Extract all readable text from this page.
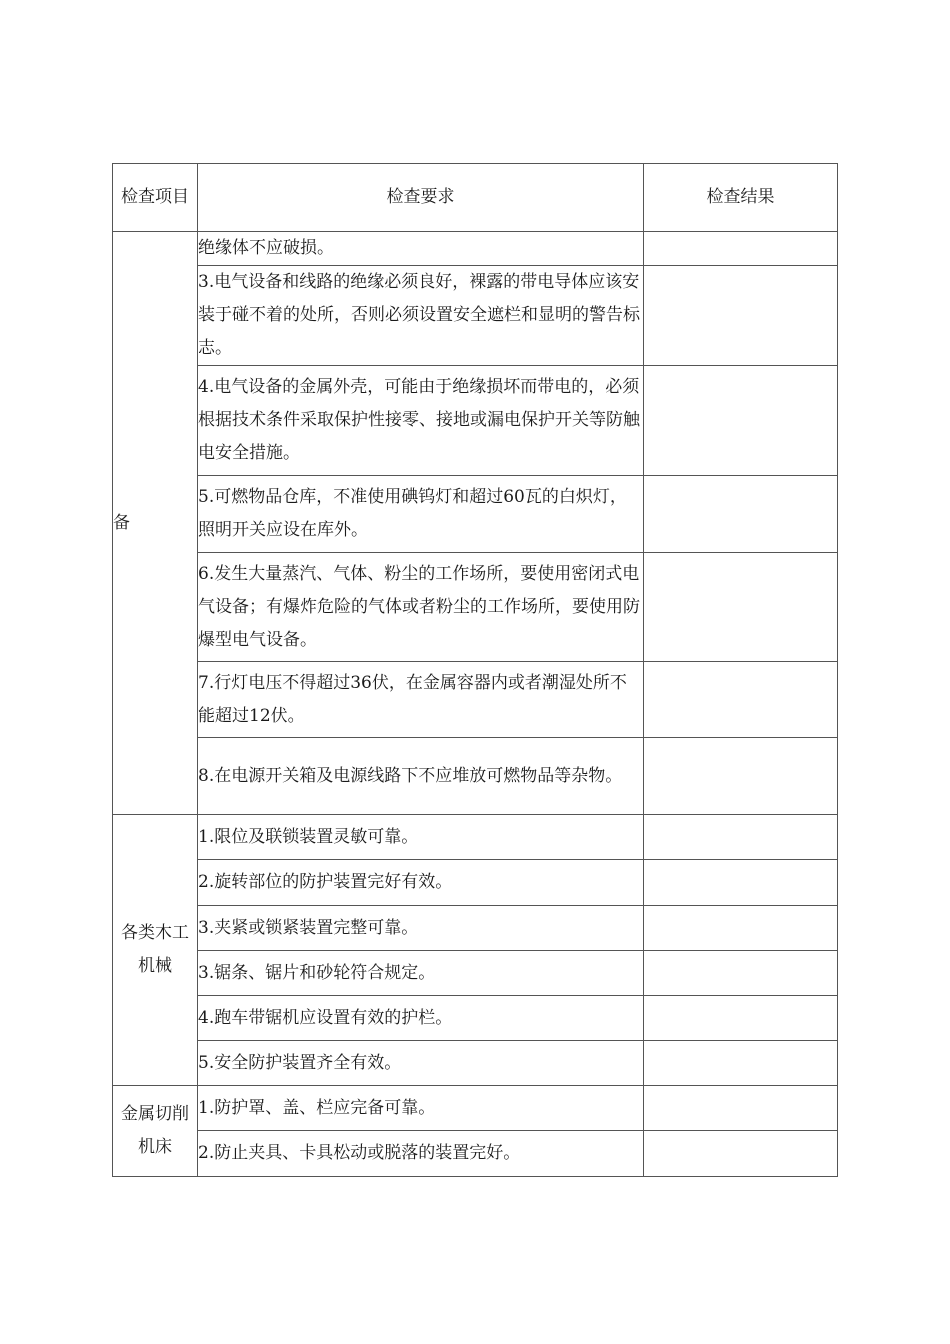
检查项目	检查要求	检查结果
备	绝缘体不应破损。	
	3.电气设备和线路的绝缘必须良好，裸露的带电导体应该安装于碰不着的处所，否则必须设置安全遮栏和显明的警告标志。	
	4.电气设备的金属外壳，可能由于绝缘损坏而带电的，必须根据技术条件采取保护性接零、接地或漏电保护开关等防触电安全措施。	
	5.可燃物品仓库，不准使用碘钨灯和超过60瓦的白炽灯，照明开关应设在库外。	
	6.发生大量蒸汽、气体、粉尘的工作场所，要使用密闭式电气设备；有爆炸危险的气体或者粉尘的工作场所，要使用防爆型电气设备。	
	7.行灯电压不得超过36伏，在金属容器内或者潮湿处所不能超过12伏。	
	8.在电源开关箱及电源线路下不应堆放可燃物品等杂物。	
各类木工机械	1.限位及联锁装置灵敏可靠。	
	2.旋转部位的防护装置完好有效。	
	3.夹紧或锁紧装置完整可靠。	
	3.锯条、锯片和砂轮符合规定。	
	4.跑车带锯机应设置有效的护栏。	
	5.安全防护装置齐全有效。	
金属切削机床	1.防护罩、盖、栏应完备可靠。	
	2.防止夹具、卡具松动或脱落的装置完好。	
